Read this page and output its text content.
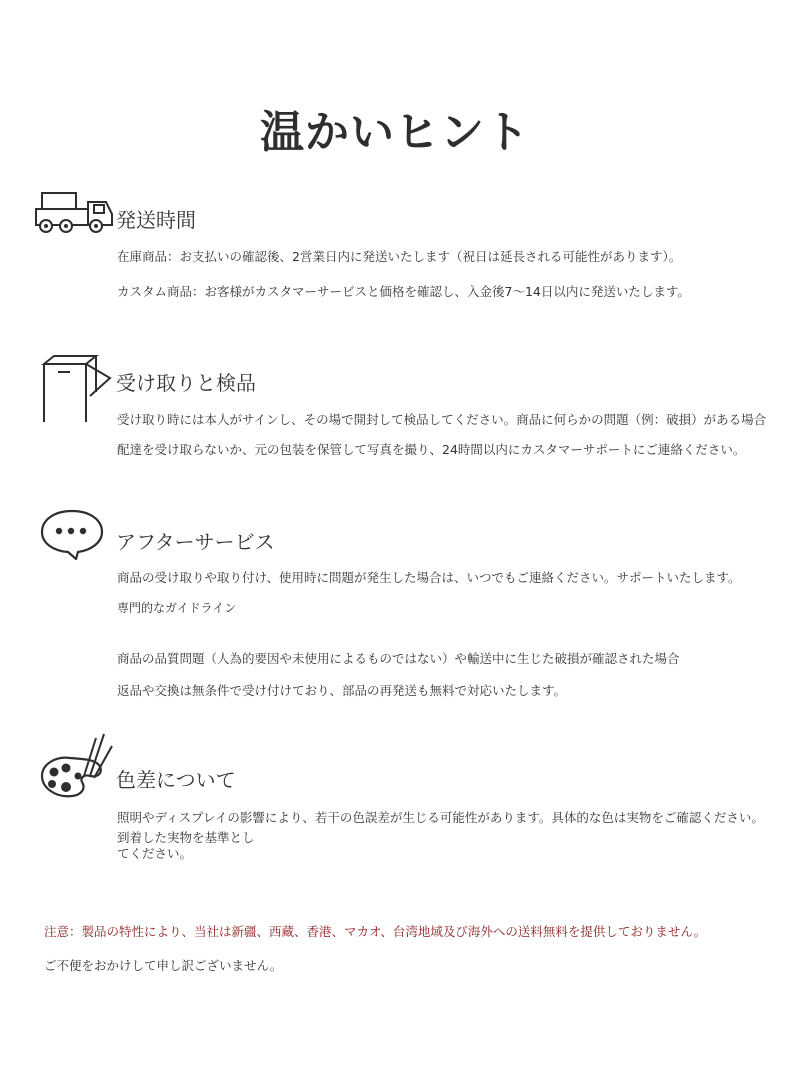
温かいヒント
発送時間
在庫商品：お支払いの確認後、2営業日内に発送いたします（祝日は延長される可能性があります）。
カスタム商品：お客様がカスタマーサービスと価格を確認し、入金後7〜14日以内に発送いたします。
受け取りと検品
受け取り時には本人がサインし、その場で開封して検品してください。商品に何らかの問題（例：破損）がある場合
配達を受け取らないか、元の包装を保管して写真を撮り、24時間以内にカスタマーサポートにご連絡ください。
アフターサービス
商品の受け取りや取り付け、使用時に問題が発生した場合は、いつでもご連絡ください。サポートいたします。
専門的なガイドライン
商品の品質問題（人為的要因や未使用によるものではない）や輸送中に生じた破損が確認された場合
返品や交換は無条件で受け付けており、部品の再発送も無料で対応いたします。
色差について
照明やディスプレイの影響により、若干の色誤差が生じる可能性があります。具体的な色は実物をご確認ください。
到着した実物を基準としてください。
注意：製品の特性により、当社は新疆、西藏、香港、マカオ、台湾地域及び海外への送料無料を提供しておりません。
ご不便をおかけして申し訳ございません。
